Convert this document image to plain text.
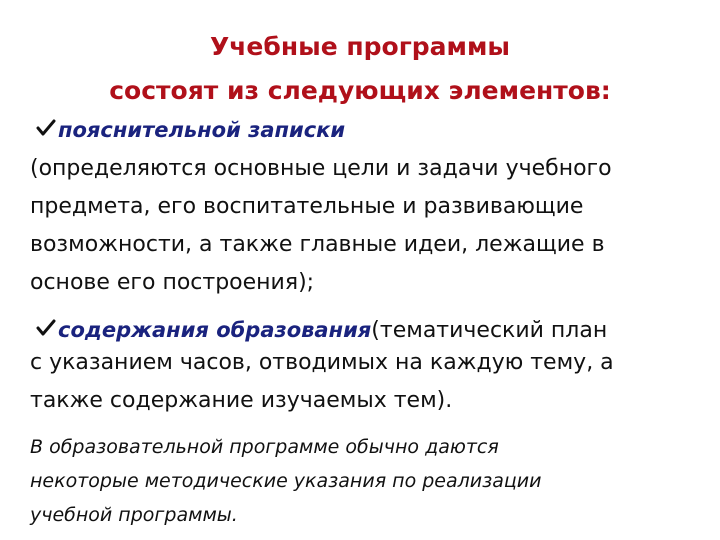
Учебные программы
состоят из следующих элементов:
пояснительной записки
(определяются основные цели и задачи учебного
предмета, его воспитательные и развивающие
возможности, а также главные идеи, лежащие в
основе его построения);
содержания образования (тематический план
с указанием часов, отводимых на каждую тему, а
также содержание изучаемых тем).
В образовательной программе обычно даются
некоторые методические указания по реализации
учебной программы.
